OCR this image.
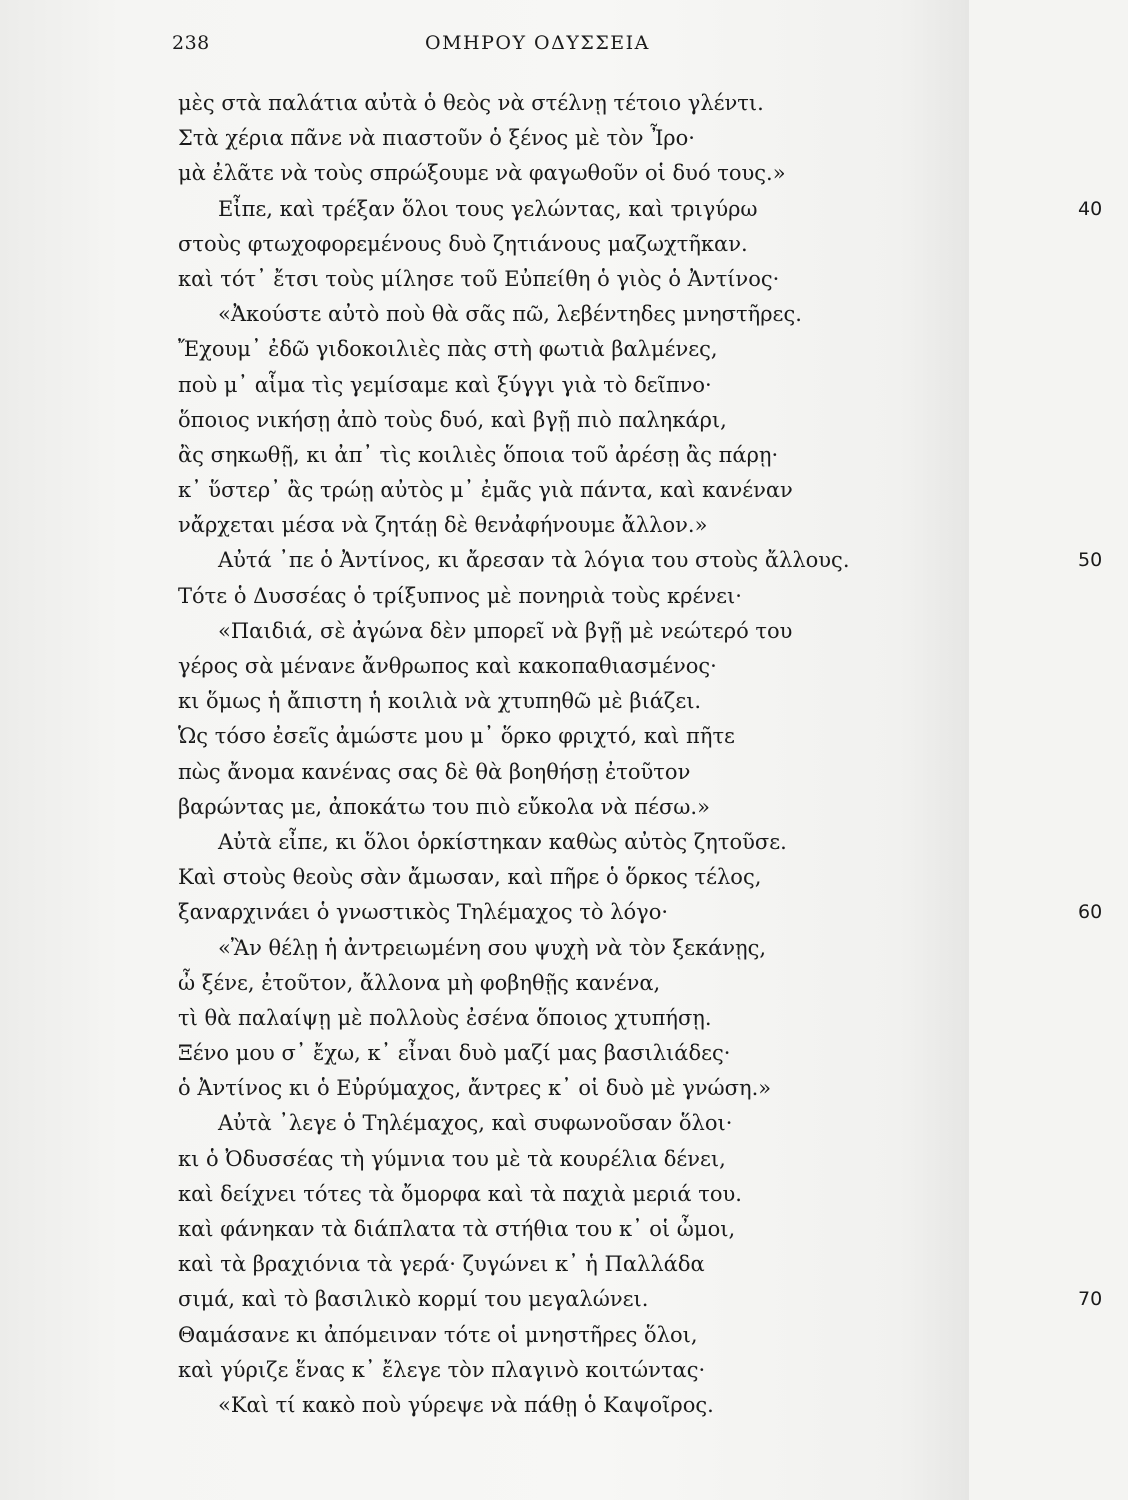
238	ΟΜΗΡΟΥ ΟΔΥΣΣΕΙΑ
μὲς στὰ παλάτια αὐτὰ ὁ θεὸς νὰ στέλνῃ τέτοιο γλέντι.
Στὰ χέρια πᾶνε νὰ πιαστοῦν ὁ ξένος μὲ τὸν Ἶρο·
μὰ ἐλᾶτε νὰ τοὺς σπρώξουμε νὰ φαγωθοῦν οἱ δυό τους.»
Εἶπε, καὶ τρέξαν ὅλοι τους γελώντας, καὶ τριγύρω	40
στοὺς φτωχοφορεμένους δυὸ ζητιάνους μαζωχτῆκαν.
καὶ τότ᾽ ἔτσι τοὺς μίλησε τοῦ Εὐπείθη ὁ γιὸς ὁ Ἀντίνος·
«Ἀκούστε αὐτὸ ποὺ θὰ σᾶς πῶ, λεβέντηδες μνηστῆρες.
Ἔχουμ᾽ ἐδῶ γιδοκοιλιὲς πὰς στὴ φωτιὰ βαλμένες,
ποὺ μ᾽ αἷμα τὶς γεμίσαμε καὶ ξύγγι γιὰ τὸ δεῖπνο·
ὅποιος νικήσῃ ἀπὸ τοὺς δυό, καὶ βγῇ πιὸ παληκάρι,
ἂς σηκωθῇ, κι ἀπ᾽ τὶς κοιλιὲς ὅποια τοῦ ἀρέσῃ ἂς πάρῃ·
κ᾽ ὕστερ᾽ ἂς τρώῃ αὐτὸς μ᾽ ἐμᾶς γιὰ πάντα, καὶ κανέναν
νἄρχεται μέσα νὰ ζητάῃ δὲ θενἀφήνουμε ἄλλον.»
Αὐτά ᾽πε ὁ Ἀντίνος, κι ἄρεσαν τὰ λόγια του στοὺς ἄλλους.	50
Τότε ὁ Δυσσέας ὁ τρίξυπνος μὲ πονηριὰ τοὺς κρένει·
«Παιδιά, σὲ ἀγώνα δὲν μπορεῖ νὰ βγῇ μὲ νεώτερό του
γέρος σὰ μένανε ἄνθρωπος καὶ κακοπαθιασμένος·
κι ὅμως ἡ ἄπιστη ἡ κοιλιὰ νὰ χτυπηθῶ μὲ βιάζει.
Ὡς τόσο ἐσεῖς ἀμώστε μου μ᾽ ὅρκο φριχτό, καὶ πῆτε
πὼς ἄνομα κανένας σας δὲ θὰ βοηθήσῃ ἐτοῦτον
βαρώντας με, ἀποκάτω του πιὸ εὔκολα νὰ πέσω.»
Αὐτὰ εἶπε, κι ὅλοι ὁρκίστηκαν καθὼς αὐτὸς ζητοῦσε.
Καὶ στοὺς θεοὺς σὰν ἄμωσαν, καὶ πῆρε ὁ ὅρκος τέλος,
ξαναρχινάει ὁ γνωστικὸς Τηλέμαχος τὸ λόγο·	60
«Ἂν θέλῃ ἡ ἀντρειωμένη σου ψυχὴ νὰ τὸν ξεκάνῃς,
ὦ ξένε, ἐτοῦτον, ἄλλονα μὴ φοβηθῇς κανένα,
τὶ θὰ παλαίψῃ μὲ πολλοὺς ἐσένα ὅποιος χτυπήσῃ.
Ξένο μου σ᾽ ἔχω, κ᾽ εἶναι δυὸ μαζί μας βασιλιάδες·
ὁ Ἀντίνος κι ὁ Εὐρύμαχος, ἄντρες κ᾽ οἱ δυὸ μὲ γνώση.»
Αὐτὰ ᾽λεγε ὁ Τηλέμαχος, καὶ συφωνοῦσαν ὅλοι·
κι ὁ Ὀδυσσέας τὴ γύμνια του μὲ τὰ κουρέλια δένει,
καὶ δείχνει τότες τὰ ὄμορφα καὶ τὰ παχιὰ μεριά του.
καὶ φάνηκαν τὰ διάπλατα τὰ στήθια του κ᾽ οἱ ὦμοι,
καὶ τὰ βραχιόνια τὰ γερά· ζυγώνει κ᾽ ἡ Παλλάδα
σιμά, καὶ τὸ βασιλικὸ κορμί του μεγαλώνει.	70
Θαμάσανε κι ἀπόμειναν τότε οἱ μνηστῆρες ὅλοι,
καὶ γύριζε ἕνας κ᾽ ἔλεγε τὸν πλαγινὸ κοιτώντας·
«Καὶ τί κακὸ ποὺ γύρεψε νὰ πάθῃ ὁ Καψοῖρος.
